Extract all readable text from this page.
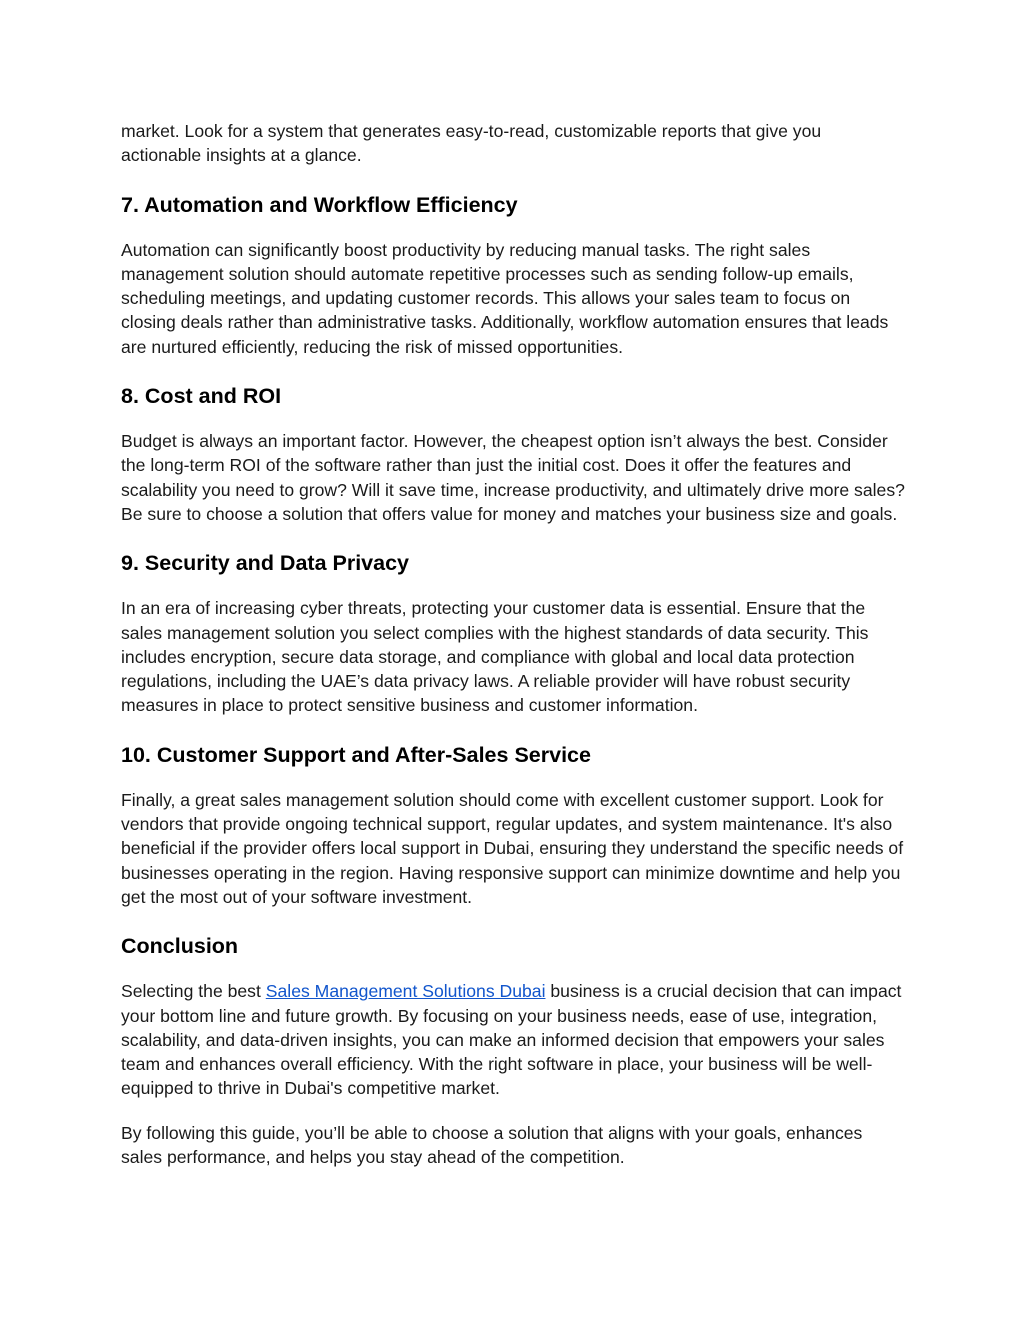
market. Look for a system that generates easy-to-read, customizable reports that give you actionable insights at a glance.

7. Automation and Workflow Efficiency

Automation can significantly boost productivity by reducing manual tasks. The right sales management solution should automate repetitive processes such as sending follow-up emails, scheduling meetings, and updating customer records. This allows your sales team to focus on closing deals rather than administrative tasks. Additionally, workflow automation ensures that leads are nurtured efficiently, reducing the risk of missed opportunities.

8. Cost and ROI

Budget is always an important factor. However, the cheapest option isn’t always the best. Consider the long-term ROI of the software rather than just the initial cost. Does it offer the features and scalability you need to grow? Will it save time, increase productivity, and ultimately drive more sales? Be sure to choose a solution that offers value for money and matches your business size and goals.

9. Security and Data Privacy

In an era of increasing cyber threats, protecting your customer data is essential. Ensure that the sales management solution you select complies with the highest standards of data security. This includes encryption, secure data storage, and compliance with global and local data protection regulations, including the UAE’s data privacy laws. A reliable provider will have robust security measures in place to protect sensitive business and customer information.

10. Customer Support and After-Sales Service

Finally, a great sales management solution should come with excellent customer support. Look for vendors that provide ongoing technical support, regular updates, and system maintenance. It's also beneficial if the provider offers local support in Dubai, ensuring they understand the specific needs of businesses operating in the region. Having responsive support can minimize downtime and help you get the most out of your software investment.

Conclusion

Selecting the best Sales Management Solutions Dubai business is a crucial decision that can impact your bottom line and future growth. By focusing on your business needs, ease of use, integration, scalability, and data-driven insights, you can make an informed decision that empowers your sales team and enhances overall efficiency. With the right software in place, your business will be well-equipped to thrive in Dubai's competitive market.

By following this guide, you’ll be able to choose a solution that aligns with your goals, enhances sales performance, and helps you stay ahead of the competition.
